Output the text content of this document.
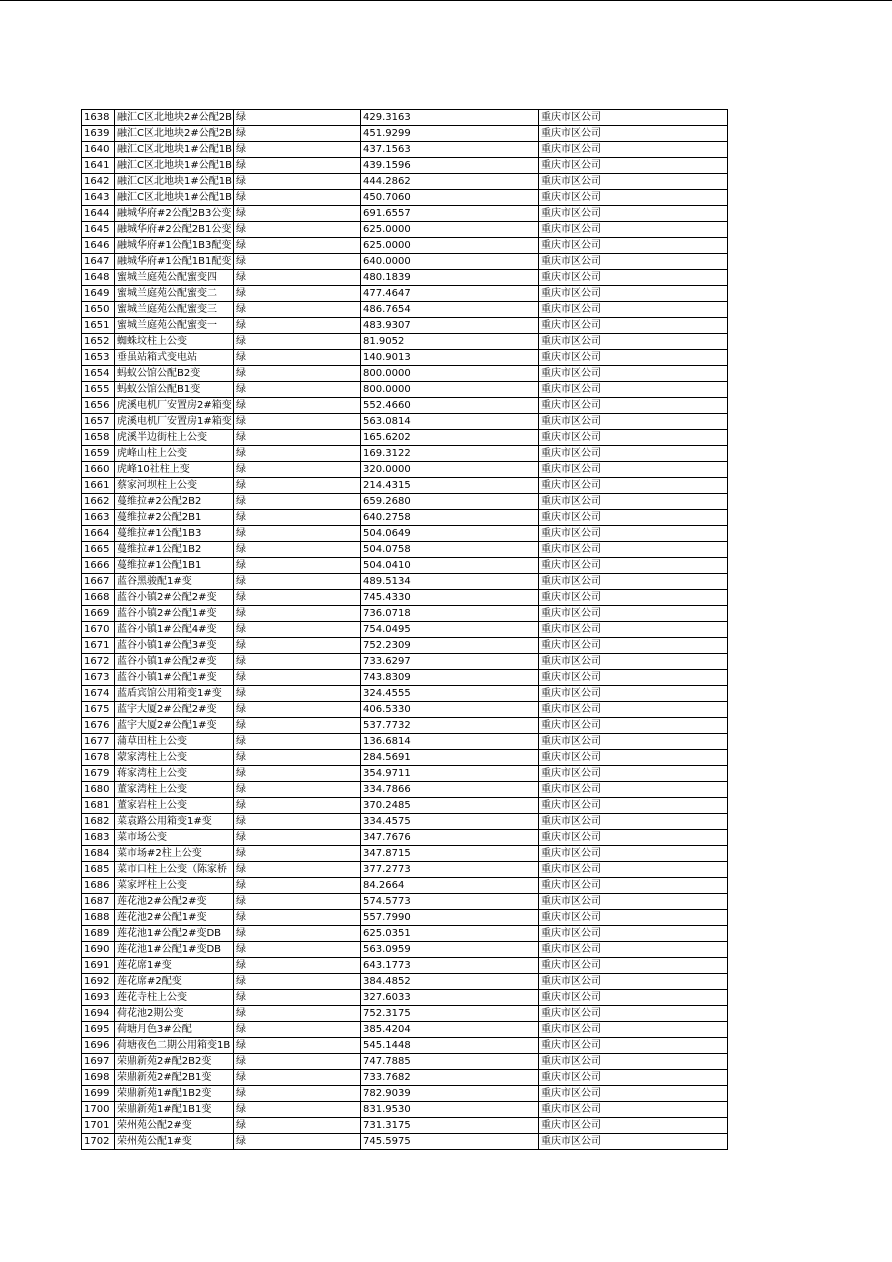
1638	融汇C区北地块2#公配2B	绿	429.3163	重庆市区公司
1639	融汇C区北地块2#公配2B	绿	451.9299	重庆市区公司
1640	融汇C区北地块1#公配1B	绿	437.1563	重庆市区公司
1641	融汇C区北地块1#公配1B	绿	439.1596	重庆市区公司
1642	融汇C区北地块1#公配1B	绿	444.2862	重庆市区公司
1643	融汇C区北地块1#公配1B	绿	450.7060	重庆市区公司
1644	融城华府#2公配2B3公变	绿	691.6557	重庆市区公司
1645	融城华府#2公配2B1公变	绿	625.0000	重庆市区公司
1646	融城华府#1公配1B3配变	绿	625.0000	重庆市区公司
1647	融城华府#1公配1B1配变	绿	640.0000	重庆市区公司
1648	蜜城兰庭苑公配蜜变四	绿	480.1839	重庆市区公司
1649	蜜城兰庭苑公配蜜变二	绿	477.4647	重庆市区公司
1650	蜜城兰庭苑公配蜜变三	绿	486.7654	重庆市区公司
1651	蜜城兰庭苑公配蜜变一	绿	483.9307	重庆市区公司
1652	蜘蛛坟柱上公变	绿	81.9052	重庆市区公司
1653	垂虽站箱式变电站	绿	140.9013	重庆市区公司
1654	蚂蚁公馆公配B2变	绿	800.0000	重庆市区公司
1655	蚂蚁公馆公配B1变	绿	800.0000	重庆市区公司
1656	虎溪电机厂安置房2#箱变	绿	552.4660	重庆市区公司
1657	虎溪电机厂安置房1#箱变	绿	563.0814	重庆市区公司
1658	虎溪半边街柱上公变	绿	165.6202	重庆市区公司
1659	虎峰山柱上公变	绿	169.3122	重庆市区公司
1660	虎峰10社柱上变	绿	320.0000	重庆市区公司
1661	蔡家河坝柱上公变	绿	214.4315	重庆市区公司
1662	蔓维拉#2公配2B2	绿	659.2680	重庆市区公司
1663	蔓维拉#2公配2B1	绿	640.2758	重庆市区公司
1664	蔓维拉#1公配1B3	绿	504.0649	重庆市区公司
1665	蔓维拉#1公配1B2	绿	504.0758	重庆市区公司
1666	蔓维拉#1公配1B1	绿	504.0410	重庆市区公司
1667	蓝谷黑骏配1#变	绿	489.5134	重庆市区公司
1668	蓝谷小镇2#公配2#变	绿	745.4330	重庆市区公司
1669	蓝谷小镇2#公配1#变	绿	736.0718	重庆市区公司
1670	蓝谷小镇1#公配4#变	绿	754.0495	重庆市区公司
1671	蓝谷小镇1#公配3#变	绿	752.2309	重庆市区公司
1672	蓝谷小镇1#公配2#变	绿	733.6297	重庆市区公司
1673	蓝谷小镇1#公配1#变	绿	743.8309	重庆市区公司
1674	蓝盾宾馆公用箱变1#变	绿	324.4555	重庆市区公司
1675	蓝宇大厦2#公配2#变	绿	406.5330	重庆市区公司
1676	蓝宇大厦2#公配1#变	绿	537.7732	重庆市区公司
1677	蒲草田柱上公变	绿	136.6814	重庆市区公司
1678	蒙家湾柱上公变	绿	284.5691	重庆市区公司
1679	蒋家湾柱上公变	绿	354.9711	重庆市区公司
1680	董家湾柱上公变	绿	334.7866	重庆市区公司
1681	董家岩柱上公变	绿	370.2485	重庆市区公司
1682	菜袁路公用箱变1#变	绿	334.4575	重庆市区公司
1683	菜市场公变	绿	347.7676	重庆市区公司
1684	菜市场#2柱上公变	绿	347.8715	重庆市区公司
1685	菜市口柱上公变（陈家桥	绿	377.2773	重庆市区公司
1686	菜家坪柱上公变	绿	84.2664	重庆市区公司
1687	莲花池2#公配2#变	绿	574.5773	重庆市区公司
1688	莲花池2#公配1#变	绿	557.7990	重庆市区公司
1689	莲花池1#公配2#变DB	绿	625.0351	重庆市区公司
1690	莲花池1#公配1#变DB	绿	563.0959	重庆市区公司
1691	莲花席1#变	绿	643.1773	重庆市区公司
1692	莲花席#2配变	绿	384.4852	重庆市区公司
1693	莲花寺柱上公变	绿	327.6033	重庆市区公司
1694	荷花池2期公变	绿	752.3175	重庆市区公司
1695	荷塘月色3#公配	绿	385.4204	重庆市区公司
1696	荷塘夜色二期公用箱变1B	绿	545.1448	重庆市区公司
1697	荣鼎新苑2#配2B2变	绿	747.7885	重庆市区公司
1698	荣鼎新苑2#配2B1变	绿	733.7682	重庆市区公司
1699	荣鼎新苑1#配1B2变	绿	782.9039	重庆市区公司
1700	荣鼎新苑1#配1B1变	绿	831.9530	重庆市区公司
1701	荣州苑公配2#变	绿	731.3175	重庆市区公司
1702	荣州苑公配1#变	绿	745.5975	重庆市区公司
